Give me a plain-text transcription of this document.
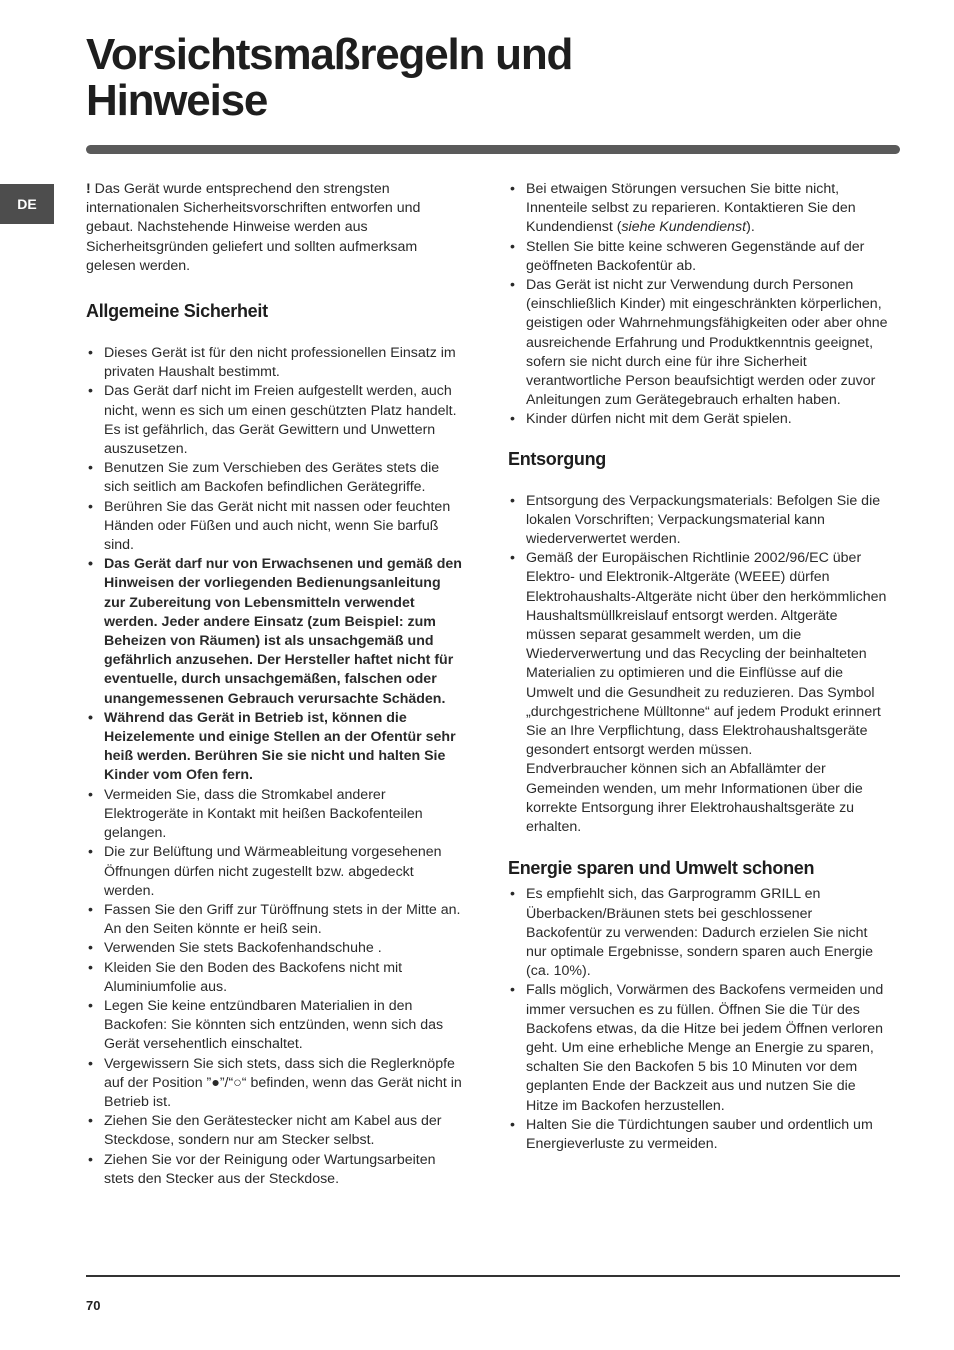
Vorsichtsmaßregeln und
Hinweise
DE

! Das Gerät wurde entsprechend den strengsten internationalen Sicherheitsvorschriften entworfen und gebaut. Nachstehende Hinweise werden aus Sicherheitsgründen geliefert und sollten aufmerksam gelesen werden.

Allgemeine Sicherheit
• Dieses Gerät ist für den nicht professionellen Einsatz im privaten Haushalt bestimmt.
• Das Gerät darf nicht im Freien aufgestellt werden, auch nicht, wenn es sich um einen geschützten Platz handelt. Es ist gefährlich, das Gerät Gewittern und Unwettern auszusetzen.
• Benutzen Sie zum Verschieben des Gerätes stets die sich seitlich am Backofen befindlichen Gerätegriffe.
• Berühren Sie das Gerät nicht mit nassen oder feuchten Händen oder Füßen und auch nicht, wenn Sie barfuß sind.
• Das Gerät darf nur von Erwachsenen und gemäß den Hinweisen der vorliegenden Bedienungsanleitung zur Zubereitung von Lebensmitteln verwendet werden. Jeder andere Einsatz (zum Beispiel: zum Beheizen von Räumen) ist als unsachgemäß und gefährlich anzusehen. Der Hersteller haftet nicht für eventuelle, durch unsachgemäßen, falschen oder unangemessenen Gebrauch verursachte Schäden.
• Während das Gerät in Betrieb ist, können die Heizelemente und einige Stellen an der Ofentür sehr heiß werden. Berühren Sie sie nicht und halten Sie Kinder vom Ofen fern.
• Vermeiden Sie, dass die Stromkabel anderer Elektrogeräte in Kontakt mit heißen Backofenteilen gelangen.
• Die zur Belüftung und Wärmeableitung vorgesehenen Öffnungen dürfen nicht zugestellt bzw. abgedeckt werden.
• Fassen Sie den Griff zur Türöffnung stets in der Mitte an. An den Seiten könnte er heiß sein.
• Verwenden Sie stets Backofenhandschuhe .
• Kleiden Sie den Boden des Backofens nicht mit Aluminiumfolie aus.
• Legen Sie keine entzündbaren Materialien in den Backofen: Sie könnten sich entzünden, wenn sich das Gerät versehentlich einschaltet.
• Vergewissern Sie sich stets, dass sich die Reglerknöpfe auf der Position ”●”/“○“ befinden, wenn das Gerät nicht in Betrieb ist.
• Ziehen Sie den Gerätestecker nicht am Kabel aus der Steckdose, sondern nur am Stecker selbst.
• Ziehen Sie vor der Reinigung oder Wartungsarbeiten stets den Stecker aus der Steckdose.
• Bei etwaigen Störungen versuchen Sie bitte nicht, Innenteile selbst zu reparieren. Kontaktieren Sie den Kundendienst (siehe Kundendienst).
• Stellen Sie bitte keine schweren Gegenstände auf der geöffneten Backofentür ab.
• Das Gerät ist nicht zur Verwendung durch Personen (einschließlich Kinder) mit eingeschränkten körperlichen, geistigen oder Wahrnehmungsfähigkeiten oder aber ohne ausreichende Erfahrung und Produktkenntnis geeignet, sofern sie nicht durch eine für ihre Sicherheit verantwortliche Person beaufsichtigt werden oder zuvor Anleitungen zum Gerätegebrauch erhalten haben.
• Kinder dürfen nicht mit dem Gerät spielen.
Entsorgung
• Entsorgung des Verpackungsmaterials: Befolgen Sie die lokalen Vorschriften; Verpackungsmaterial kann wiederverwertet werden.
• Gemäß der Europäischen Richtlinie 2002/96/EC über Elektro- und Elektronik-Altgeräte (WEEE) dürfen Elektrohaushalts-Altgeräte nicht über den herkömmlichen Haushaltsmüllkreislauf entsorgt werden. Altgeräte müssen separat gesammelt werden, um die Wiederverwertung und das Recycling der beinhalteten Materialien zu optimieren und die Einflüsse auf die Umwelt und die Gesundheit zu reduzieren. Das Symbol „durchgestrichene Mülltonne“ auf jedem Produkt erinnert Sie an Ihre Verpflichtung, dass Elektrohaushaltsgeräte gesondert entsorgt werden müssen.
Endverbraucher können sich an Abfallämter der Gemeinden wenden, um mehr Informationen über die korrekte Entsorgung ihrer Elektrohaushaltsgeräte zu erhalten.
Energie sparen und Umwelt schonen
• Es empfiehlt sich, das Garprogramm GRILL en Überbacken/Bräunen stets bei geschlossener Backofentür zu verwenden: Dadurch erzielen Sie nicht nur optimale Ergebnisse, sondern sparen auch Energie (ca. 10%).
• Falls möglich, Vorwärmen des Backofens vermeiden und immer versuchen es zu füllen. Öffnen Sie die Tür des Backofens etwas, da die Hitze bei jedem Öffnen verloren geht. Um eine erhebliche Menge an Energie zu sparen, schalten Sie den Backofen 5 bis 10 Minuten vor dem geplanten Ende der Backzeit aus und nutzen Sie die Hitze im Backofen herzustellen.
• Halten Sie die Türdichtungen sauber und ordentlich um Energieverluste zu vermeiden.
70
